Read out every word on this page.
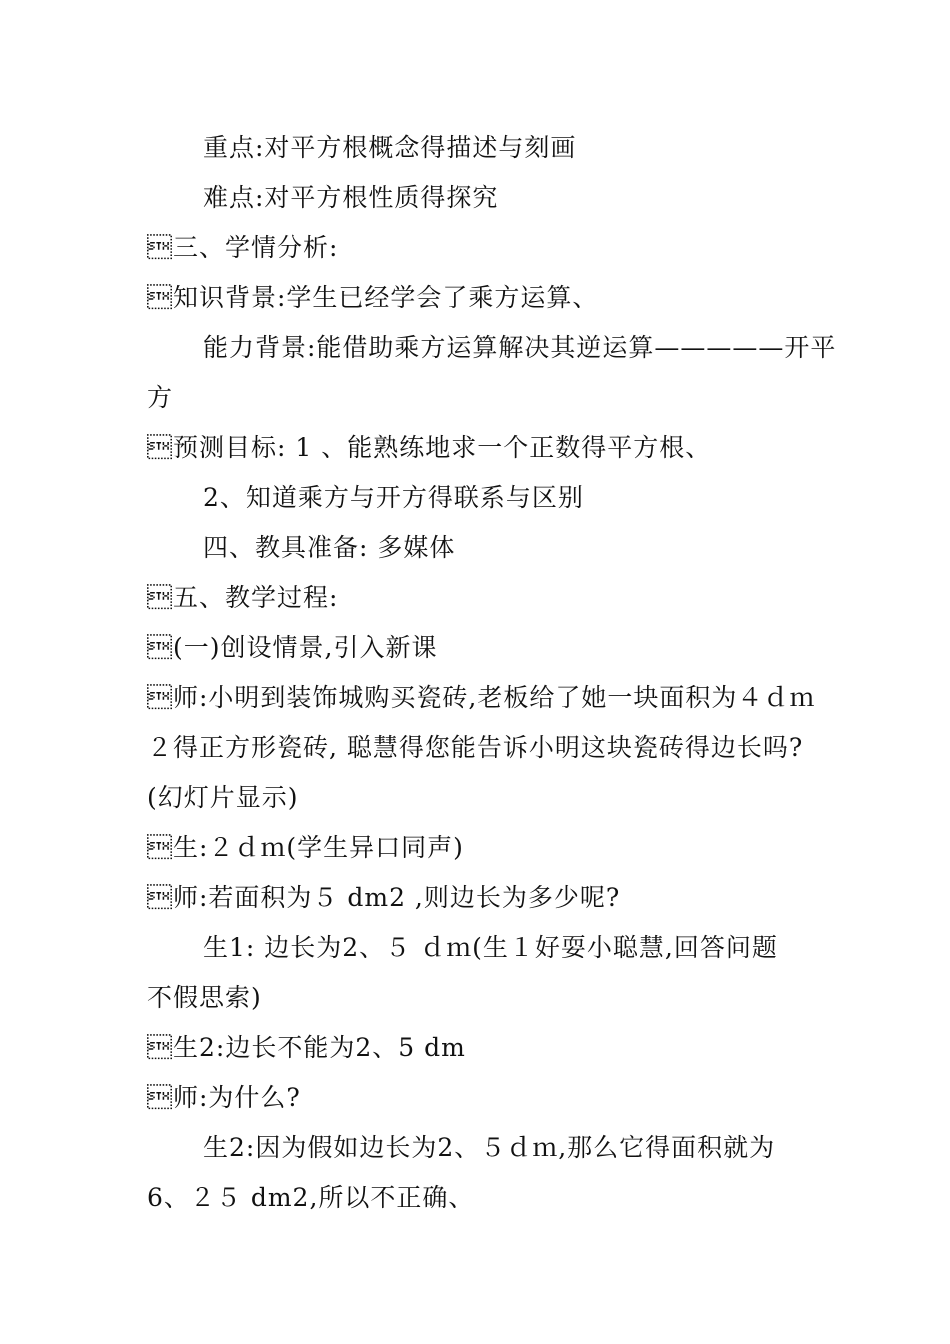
重点:对平方根概念得描述与刻画
难点:对平方根性质得探究
三、学情分析:
知识背景:学生已经学会了乘方运算、
能力背景:能借助乘方运算解决其逆运算—————开平
方
预测目标: 1 、能熟练地求一个正数得平方根、
2、知道乘方与开方得联系与区别
四、教具准备: 多媒体
五、教学过程:
(一)创设情景,引入新课
师:小明到装饰城购买瓷砖,老板给了她一块面积为４ｄｍ
２得正方形瓷砖, 聪慧得您能告诉小明这块瓷砖得边长吗?
(幻灯片显示)
生:２ｄｍ(学生异口同声)
师:若面积为５ dm2 ,则边长为多少呢?
生1: 边长为2、５ ｄｍ(生１好耍小聪慧,回答问题
不假思索)
生2:边长不能为2、5 dm
师:为什么?
生2:因为假如边长为2、５ｄｍ,那么它得面积就为
6、２５ dm2,所以不正确、
